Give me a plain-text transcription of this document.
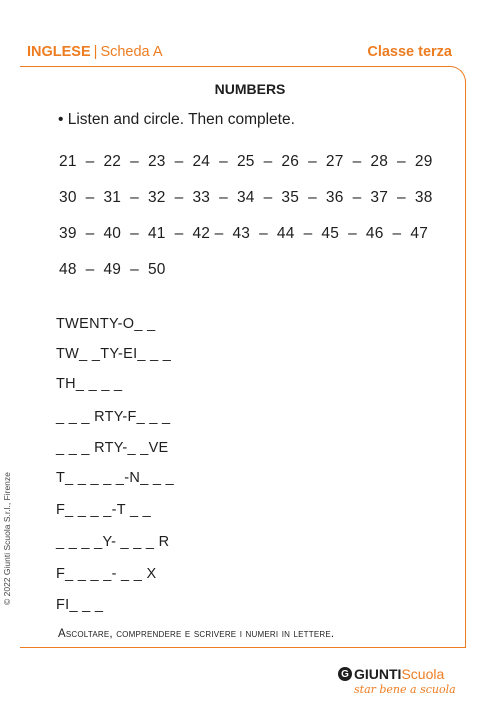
INGLESE | Scheda A	Classe terza
NUMBERS
• Listen and circle. Then complete.
21  –  22  –  23  –  24  –  25  –  26  –  27  –  28  –  29
30  –  31  –  32  –  33  –  34  –  35  –  36  –  37  –  38
39  –  40  –  41  –  42 –  43  –  44  –  45  –  46  –  47
48  –  49  –  50
TWENTY-O_ _
TW_ _TY-EI_ _ _
TH_ _ _ _
_ _ _ RTY-F_ _ _
_ _ _ RTY-_ _VE
T_ _ _ _ _-N_ _ _
F_ _ _ _-T _ _
_ _ _ _Y- _ _ _ R
F_ _ _ _- _ _ X
FI_ _ _
Ascoltare, comprendere e scrivere i numeri in lettere.
© 2022 Giunti Scuola S.r.l., Firenze
G GIUNTI Scuola
star bene a scuola
